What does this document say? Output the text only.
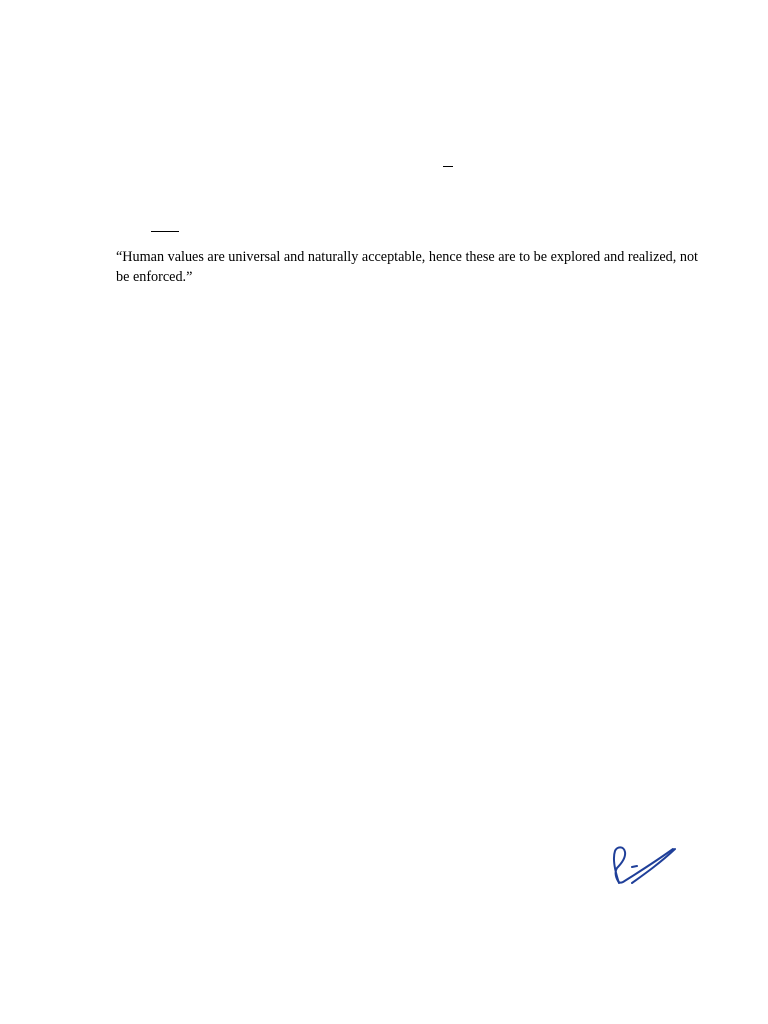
“Human values are universal and naturally acceptable, hence these are to be explored and realized, not be enforced.”
